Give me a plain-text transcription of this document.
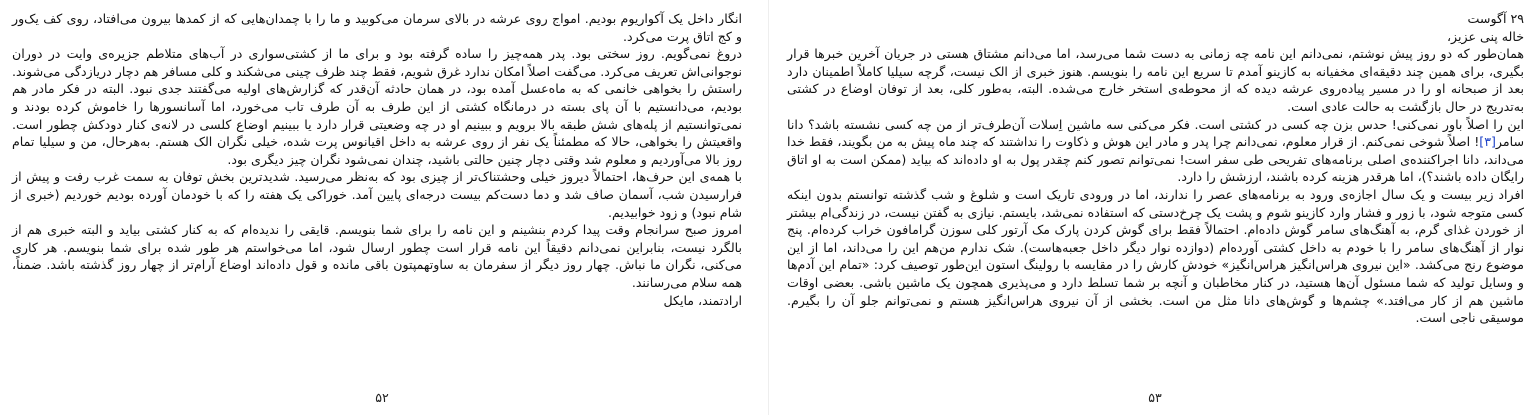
انگار داخل یک آکواریوم بودیم. امواج روی عرشه در بالای سرمان می‌کوبید و ما را با چمدان‌هایی که از کمدها بیرون می‌افتاد، روی کف یک‌ور و کج اتاق پرت می‌کرد.

دروغ نمی‌گویم. روز سختی بود. پدر همه‌چیز را ساده گرفته بود و برای ما از کشتی‌سواری در آب‌های متلاطم جزیره‌ی وایت در دوران نوجوانی‌اش تعریف می‌کرد. می‌گفت اصلاً امکان ندارد غرق شویم، فقط چند ظرف چینی می‌شکند و کلی مسافر هم دچار دریازدگی می‌شوند. راستش را بخواهی خانمی که به ماه‌عسل آمده بود، در همان حادثه آن‌قدر که گزارش‌های اولیه می‌گفتند جدی نبود. البته در فکر مادر هم بودیم، می‌دانستیم با آن پای بسته در درمانگاه کشتی از این طرف به آن طرف تاب می‌خورد، اما آسانسورها را خاموش کرده بودند و نمی‌توانستیم از پله‌های شش طبقه بالا برویم و ببینیم او در چه وضعیتی قرار دارد یا ببینیم اوضاع کلسی در لانه‌ی کنار دودکش چطور است. واقعیتش را بخواهی، حالا که مطمئناً یک نفر از روی عرشه به داخل اقیانوس پرت شده، خیلی نگران الک هستم. به‌هرحال، من و سیلیا تمام روز بالا می‌آوردیم و معلوم شد وقتی دچار چنین حالتی باشید، چندان نمی‌شود نگران چیز دیگری بود.

با همه‌ی این حرف‌ها، احتمالاً دیروز خیلی وحشتناک‌تر از چیزی بود که به‌نظر می‌رسید. شدیدترین بخش توفان به سمت غرب رفت و پیش از فرارسیدن شب، آسمان صاف شد و دما دست‌کم بیست درجه‌ای پایین آمد. خوراکی یک هفته را که با خودمان آورده بودیم خوردیم (خبری از شام نبود) و زود خوابیدیم.

امروز صبح سرانجام وقت پیدا کردم بنشینم و این نامه را برای شما بنویسم. قایقی را ندیده‌ام که به کنار کشتی بیاید و البته خبری هم از بالگرد نیست، بنابراین نمی‌دانم دقیقاً این نامه قرار است چطور ارسال شود، اما می‌خواستم هر طور شده برای شما بنویسم. هر کاری می‌کنی، نگران ما نباش. چهار روز دیگر از سفرمان به ساوتهمپتون باقی مانده و قول داده‌اند اوضاع آرام‌تر از چهار روز گذشته باشد. ضمناً، همه سلام می‌رسانند.

ارادتمند، مایکل

۵۲

۲۹ آگوست

خاله پنی عزیز،

همان‌طور که دو روز پیش نوشتم، نمی‌دانم این نامه چه زمانی به دست شما می‌رسد، اما می‌دانم مشتاق هستی در جریان آخرین خبرها قرار بگیری، برای همین چند دقیقه‌ای مخفیانه به کازینو آمدم تا سریع این نامه را بنویسم. هنوز خبری از الک نیست، گرچه سیلیا کاملاً اطمینان دارد بعد از صبحانه او را در مسیر پیاده‌روی عرشه دیده که از محوطه‌ی استخر خارج می‌شده. البته، به‌طور کلی، بعد از توفان اوضاع در کشتی به‌تدریج در حال بازگشت به حالت عادی است.

این را اصلاً باور نمی‌کنی! حدس بزن چه کسی در کشتی است. فکر می‌کنی سه ماشین اِسلات آن‌طرف‌تر از من چه کسی نشسته باشد؟ دانا سامر[۳]! اصلاً شوخی نمی‌کنم. از قرار معلوم، نمی‌دانم چرا پدر و مادر این هوش و ذکاوت را نداشتند که چند ماه پیش به من بگویند، فقط خدا می‌داند، دانا اجراکننده‌ی اصلی برنامه‌های تفریحی طی سفر است! نمی‌توانم تصور کنم چقدر پول به او داده‌اند که بیاید (ممکن است به او اتاق رایگان داده باشند؟)، اما هرقدر هزینه کرده باشند، ارزشش را دارد.

افراد زیر بیست و یک سال اجازه‌ی ورود به برنامه‌های عصر را ندارند، اما در ورودی تاریک است و شلوغ و شب گذشته توانستم بدون اینکه کسی متوجه شود، با زور و فشار وارد کازینو شوم و پشت یک چرخ‌دستی که استفاده نمی‌شد، بایستم. نیازی به گفتن نیست، در زندگی‌ام بیشتر از خوردن غذای گرم، به آهنگ‌های سامر گوش داده‌ام. احتمالاً فقط برای گوش کردن پارک مک آرتور کلی سوزن گرامافون خراب کرده‌ام. پنج نوار از آهنگ‌های سامر را با خودم به داخل کشتی آورده‌ام (دوازده نوار دیگر داخل جعبه‌هاست). شک ندارم من‌هم این را می‌داند، اما از این موضوع رنج می‌کشد. «این نیروی هراس‌انگیز هراس‌انگیز» خودش کارش را در مقایسه با رولینگ استون این‌طور توصیف کرد: «تمام این آدم‌ها و وسایل تولید که شما مسئول آن‌ها هستید، در کنار مخاطبان و آنچه بر شما تسلط دارد و می‌پذیری همچون یک ماشین باشی. بعضی اوقات ماشین هم از کار می‌افتد.» چشم‌ها و گوش‌های دانا مثل من است. بخشی از آن نیروی هراس‌انگیز هستم و نمی‌توانم جلو آن را بگیرم. موسیقی ناجی است.

۵۳
